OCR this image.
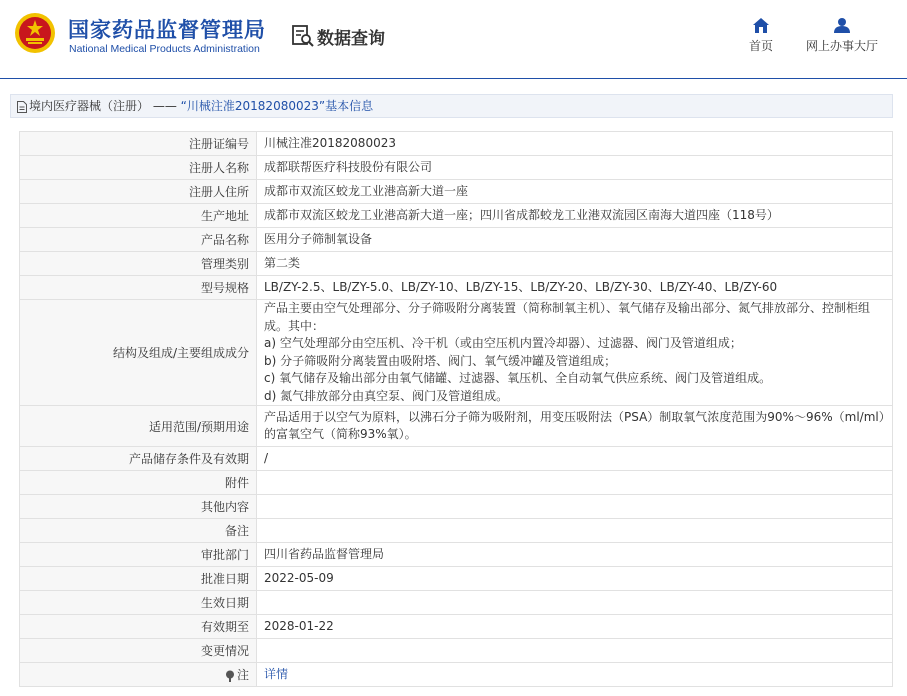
国家药品监督管理局
National Medical Products Administration	数据查询	首页	网上办事大厅
境内医疗器械（注册） —— “川械注准20182080023”基本信息
注册证编号	川械注准20182080023
注册人名称	成都联帮医疗科技股份有限公司
注册人住所	成都市双流区蛟龙工业港高新大道一座
生产地址	成都市双流区蛟龙工业港高新大道一座；四川省成都蛟龙工业港双流园区南海大道四座（118号）
产品名称	医用分子筛制氧设备
管理类别	第二类
型号规格	LB/ZY-2.5、LB/ZY-5.0、LB/ZY-10、LB/ZY-15、LB/ZY-20、LB/ZY-30、LB/ZY-40、LB/ZY-60
结构及组成/主要组成成分	产品主要由空气处理部分、分子筛吸附分离装置（简称制氧主机）、氧气储存及输出部分、氮气排放部分、控制柜组成。其中：
a) 空气处理部分由空压机、冷干机（或由空压机内置冷却器）、过滤器、阀门及管道组成；
b) 分子筛吸附分离装置由吸附塔、阀门、氧气缓冲罐及管道组成；
c) 氧气储存及输出部分由氧气储罐、过滤器、氧压机、全自动氧气供应系统、阀门及管道组成。
d) 氮气排放部分由真空泵、阀门及管道组成。

适用范围/预期用途	产品适用于以空气为原料，以沸石分子筛为吸附剂，用变压吸附法（PSA）制取氧气浓度范围为90%～96%（ml/ml）的富氧空气（简称93%氧）。
产品储存条件及有效期	/
附件	
其他内容	
备注	
审批部门	四川省药品监督管理局
批准日期	2022-05-09
生效日期	
有效期至	2028-01-22
变更情况	
注	详情
